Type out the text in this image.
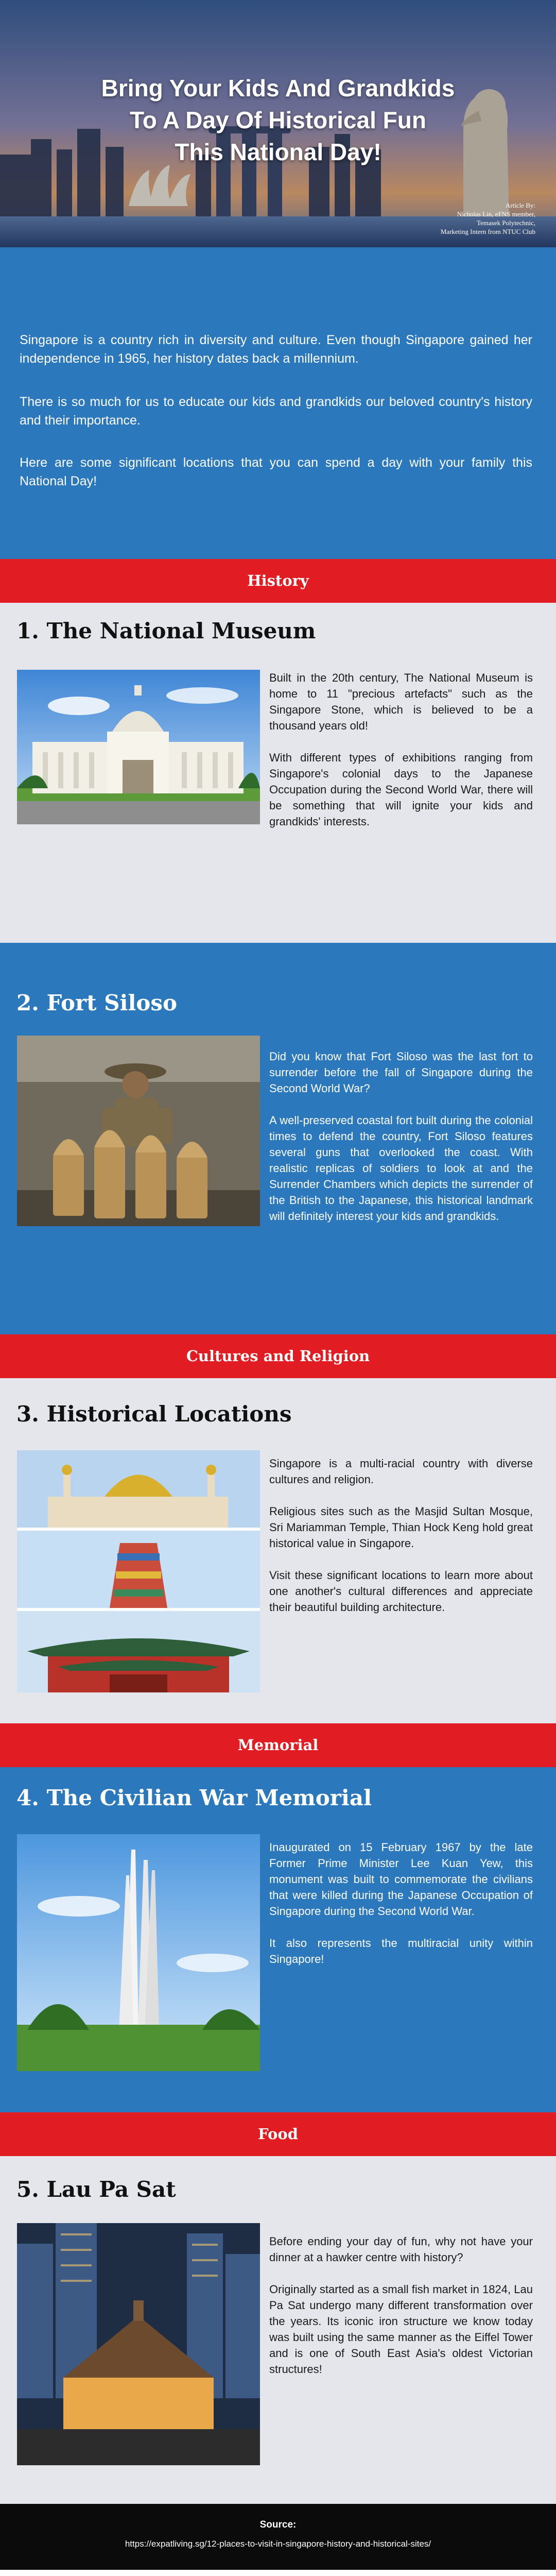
Bring Your Kids And Grandkids
To A Day Of Historical Fun
This National Day!
Article By:
Nicholas Lin, eFNS member,
Temasek Polytechnic,
Marketing Intern from NTUC Club

Singapore is a country rich in diversity and culture. Even though Singapore gained her independence in 1965, her history dates back a millennium.

There is so much for us to educate our kids and grandkids our beloved country's history and their importance.

Here are some significant locations that you can spend a day with your family this National Day!

History
1. The National Museum

Built in the 20th century, The National Museum is home to 11 "precious artefacts" such as the Singapore Stone, which is believed to be a thousand years old!

With different types of exhibitions ranging from Singapore's colonial days to the Japanese Occupation during the Second World War, there will be something that will ignite your kids and grandkids' interests.

2. Fort Siloso

Did you know that Fort Siloso was the last fort to surrender before the fall of Singapore during the Second World War?

A well-preserved coastal fort built during the colonial times to defend the country, Fort Siloso features several guns that overlooked the coast. With realistic replicas of soldiers to look at and the Surrender Chambers which depicts the surrender of the British to the Japanese, this historical landmark will definitely interest your kids and grandkids.

Cultures and Religion
3. Historical Locations

Singapore is a multi-racial country with diverse cultures and religion.

Religious sites such as the Masjid Sultan Mosque, Sri Mariamman Temple, Thian Hock Keng hold great historical value in Singapore.

Visit these significant locations to learn more about one another's cultural differences and appreciate their beautiful building architecture.

Memorial
4. The Civilian War Memorial

Inaugurated on 15 February 1967 by the late Former Prime Minister Lee Kuan Yew, this monument was built to commemorate the civilians that were killed during the Japanese Occupation of Singapore during the Second World War.

It also represents the multiracial unity within Singapore!

Food
5. Lau Pa Sat

Before ending your day of fun, why not have your dinner at a hawker centre with history?

Originally started as a small fish market in 1824, Lau Pa Sat undergo many different transformation over the years. Its iconic iron structure we know today was built using the same manner as the Eiffel Tower and is one of South East Asia's oldest Victorian structures!

Source:
https://expatliving.sg/12-places-to-visit-in-singapore-history-and-historical-sites/
